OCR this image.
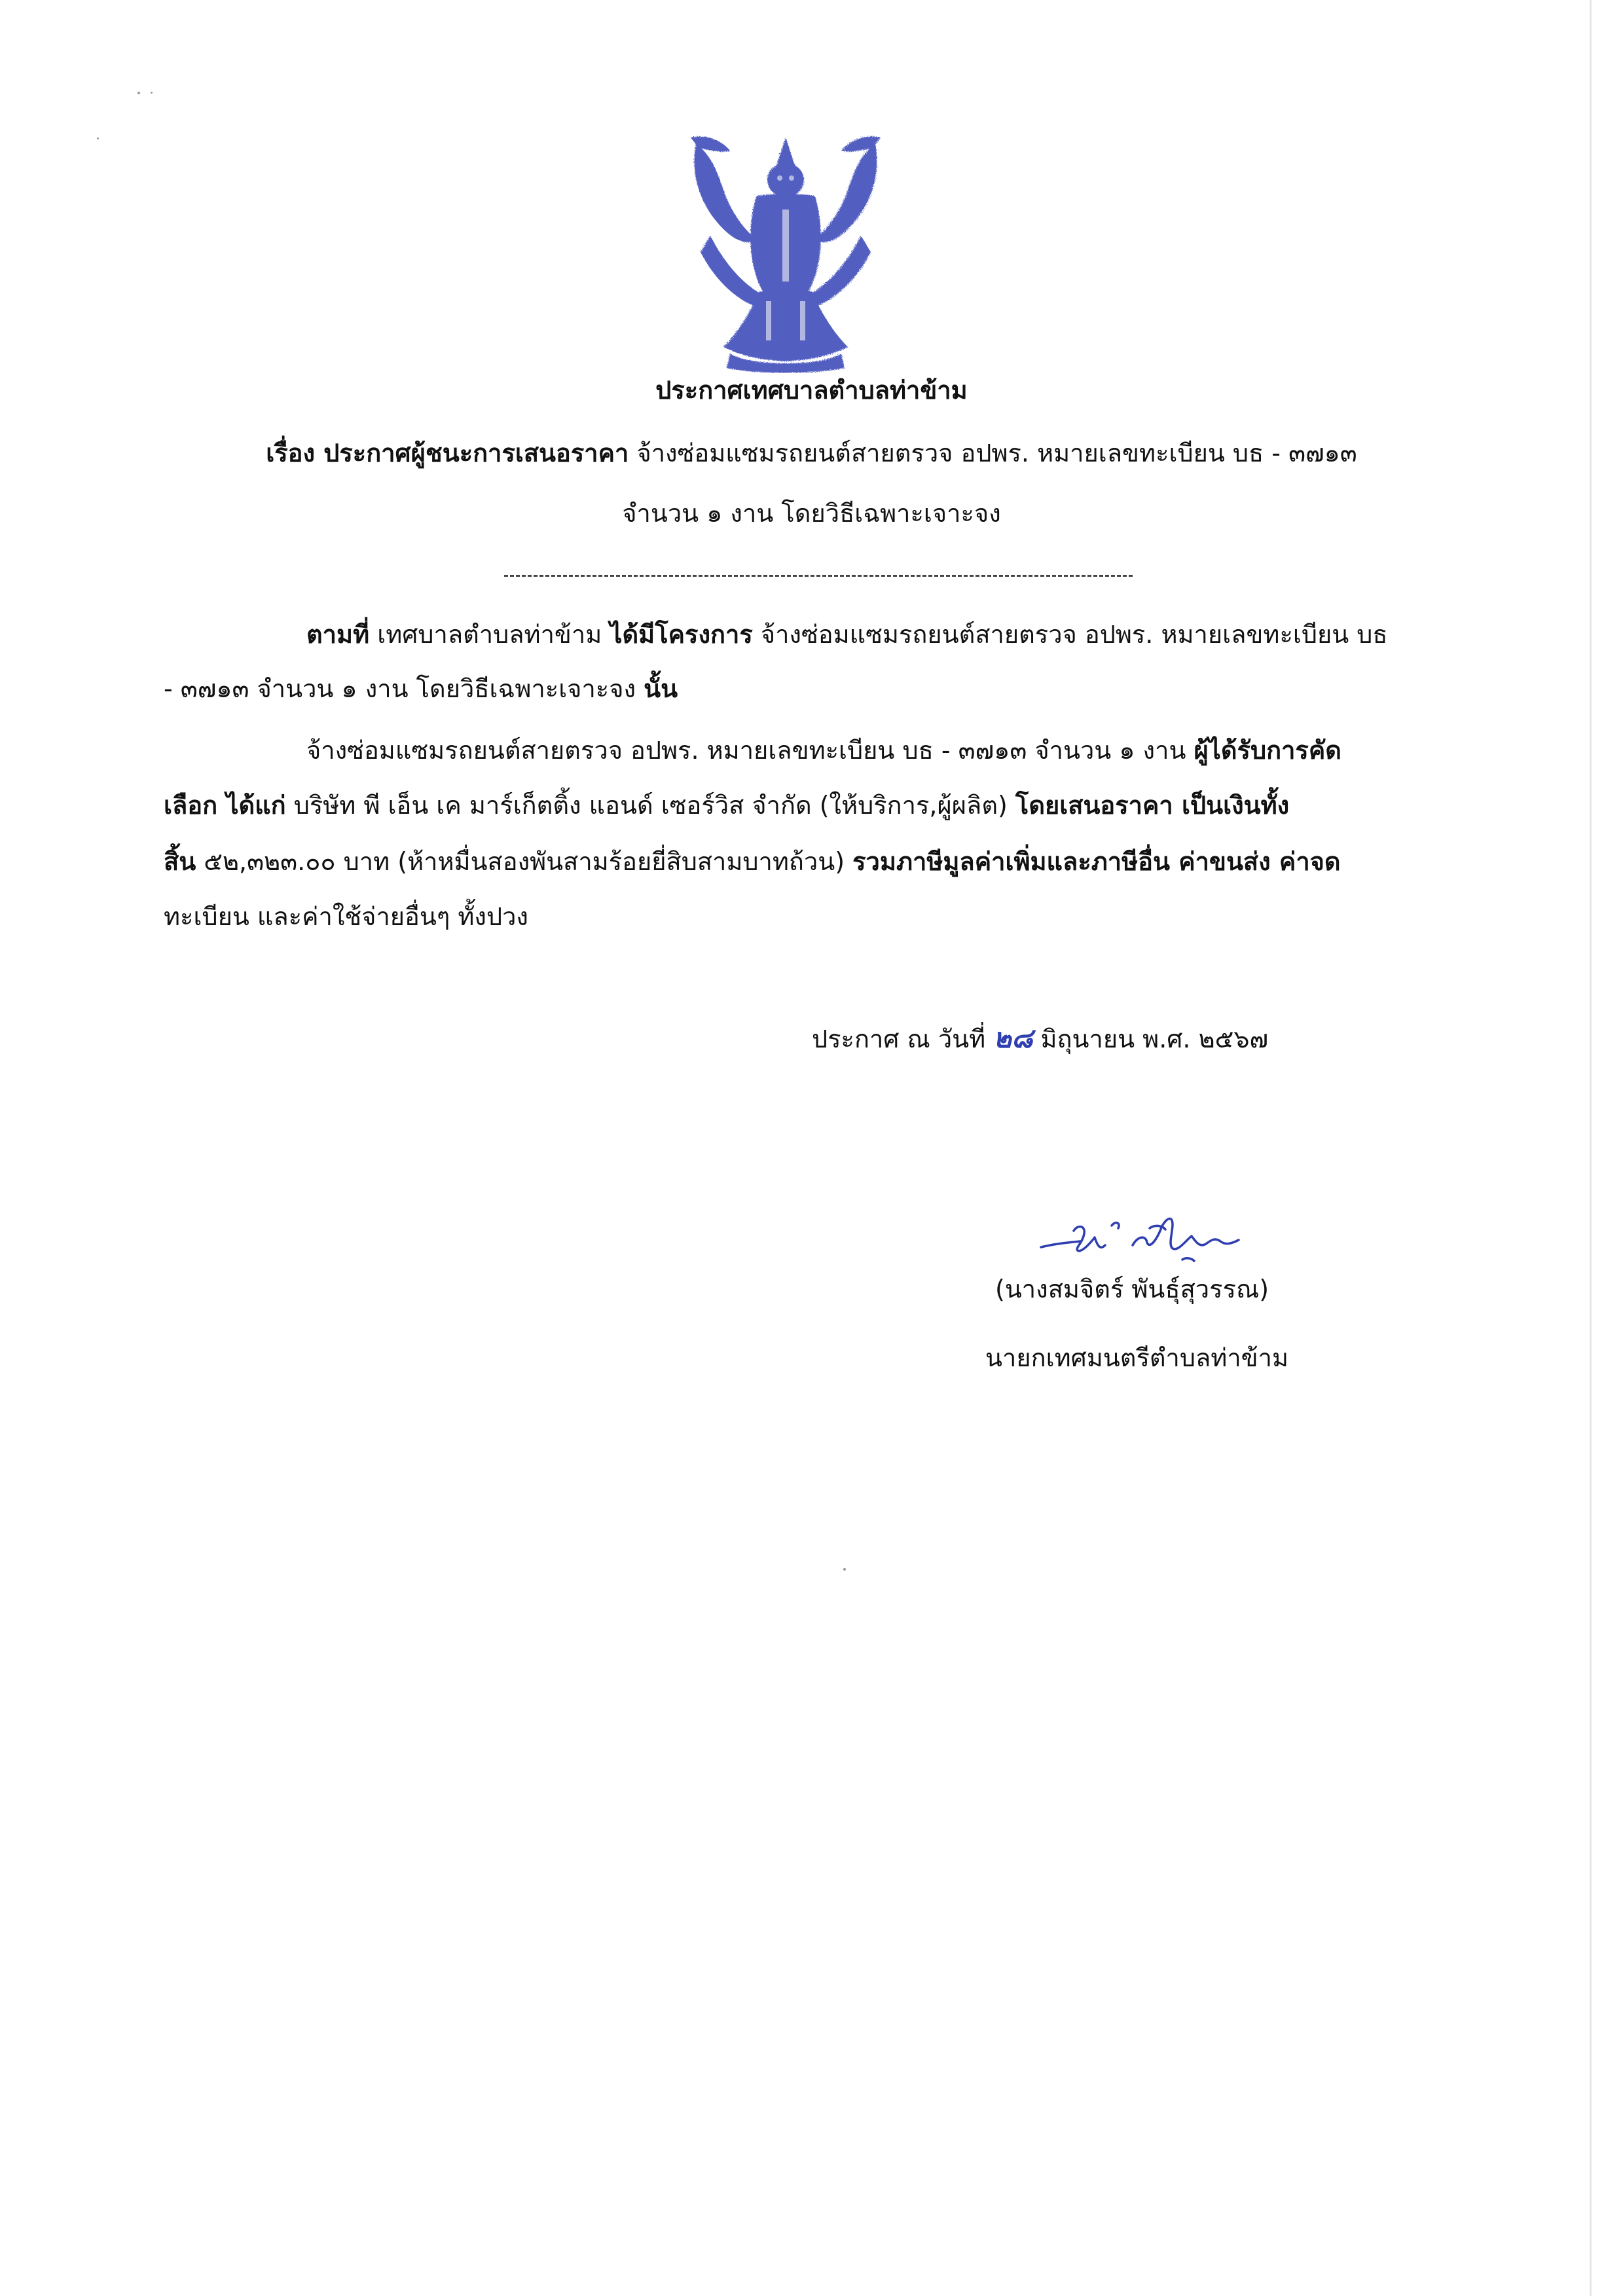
ประกาศเทศบาลตำบลท่าข้าม
เรื่อง ประกาศผู้ชนะการเสนอราคา จ้างซ่อมแซมรถยนต์สายตรวจ อปพร. หมายเลขทะเบียน บธ - ๓๗๑๓
จำนวน ๑ งาน โดยวิธีเฉพาะเจาะจง
ตามที่ เทศบาลตำบลท่าข้าม ได้มีโครงการ จ้างซ่อมแซมรถยนต์สายตรวจ อปพร. หมายเลขทะเบียน บธ
- ๓๗๑๓ จำนวน ๑ งาน โดยวิธีเฉพาะเจาะจง นั้น
จ้างซ่อมแซมรถยนต์สายตรวจ อปพร. หมายเลขทะเบียน บธ - ๓๗๑๓ จำนวน ๑ งาน ผู้ได้รับการคัด
เลือก ได้แก่ บริษัท พี เอ็น เค มาร์เก็ตติ้ง แอนด์ เซอร์วิส จำกัด (ให้บริการ,ผู้ผลิต) โดยเสนอราคา เป็นเงินทั้ง
สิ้น ๕๒,๓๒๓.๐๐ บาท (ห้าหมื่นสองพันสามร้อยยี่สิบสามบาทถ้วน) รวมภาษีมูลค่าเพิ่มและภาษีอื่น ค่าขนส่ง ค่าจด
ทะเบียน และค่าใช้จ่ายอื่นๆ ทั้งปวง
ประกาศ ณ วันที่ ๒๘ มิถุนายน พ.ศ. ๒๕๖๗
(นางสมจิตร์ พันธุ์สุวรรณ)
นายกเทศมนตรีตำบลท่าข้าม
